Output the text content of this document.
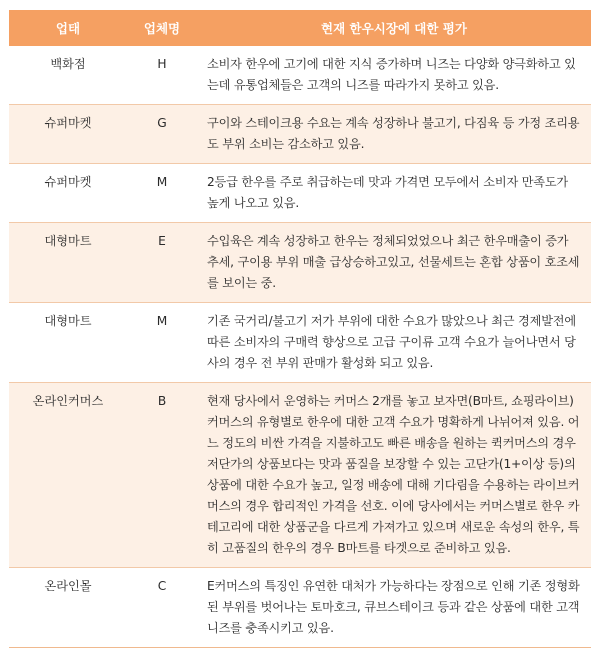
업태	업체명	현재 한우시장에 대한 평가
백화점	H	소비자 한우에 고기에 대한 지식 증가하며 니즈는 다양화 양극화하고 있는데 유통업체들은 고객의 니즈를 따라가지 못하고 있음.
슈퍼마켓	G	구이와 스테이크용 수요는 계속 성장하나 불고기, 다짐육 등 가정 조리용도 부위 소비는 감소하고 있음.
슈퍼마켓	M	2등급 한우를 주로 취급하는데 맛과 가격면 모두에서 소비자 만족도가 높게 나오고 있음.
대형마트	E	수입육은 계속 성장하고 한우는 정체되었었으나 최근 한우매출이 증가 추세, 구이용 부위 매출 급상승하고있고, 선물세트는 혼합 상품이 호조세를 보이는 중.
대형마트	M	기존 국거리/불고기 저가 부위에 대한 수요가 많았으나 최근 경제발전에 따른 소비자의 구매력 향상으로 고급 구이류 고객 수요가 늘어나면서 당사의 경우 전 부위 판매가 활성화 되고 있음.
온라인커머스	B	현재 당사에서 운영하는 커머스 2개를 놓고 보자면(B마트, 쇼핑라이브) 커머스의 유형별로 한우에 대한 고객 수요가 명확하게 나뉘어져 있음. 어느 정도의 비싼 가격을 지불하고도 빠른 배송을 원하는 퀵커머스의 경우 저단가의 상품보다는 맛과 품질을 보장할 수 있는 고단가(1+이상 등)의 상품에 대한 수요가 높고, 일정 배송에 대해 기다림을 수용하는 라이브커머스의 경우 합리적인 가격을 선호. 이에 당사에서는 커머스별로 한우 카테고리에 대한 상품군을 다르게 가져가고 있으며 새로운 속성의 한우, 특히 고품질의 한우의 경우 B마트를 타겟으로 준비하고 있음.
온라인몰	C	E커머스의 특징인 유연한 대처가 가능하다는 장점으로 인해 기존 정형화된 부위를 벗어나는 토마호크, 큐브스테이크 등과 같은 상품에 대한 고객 니즈를 충족시키고 있음.
